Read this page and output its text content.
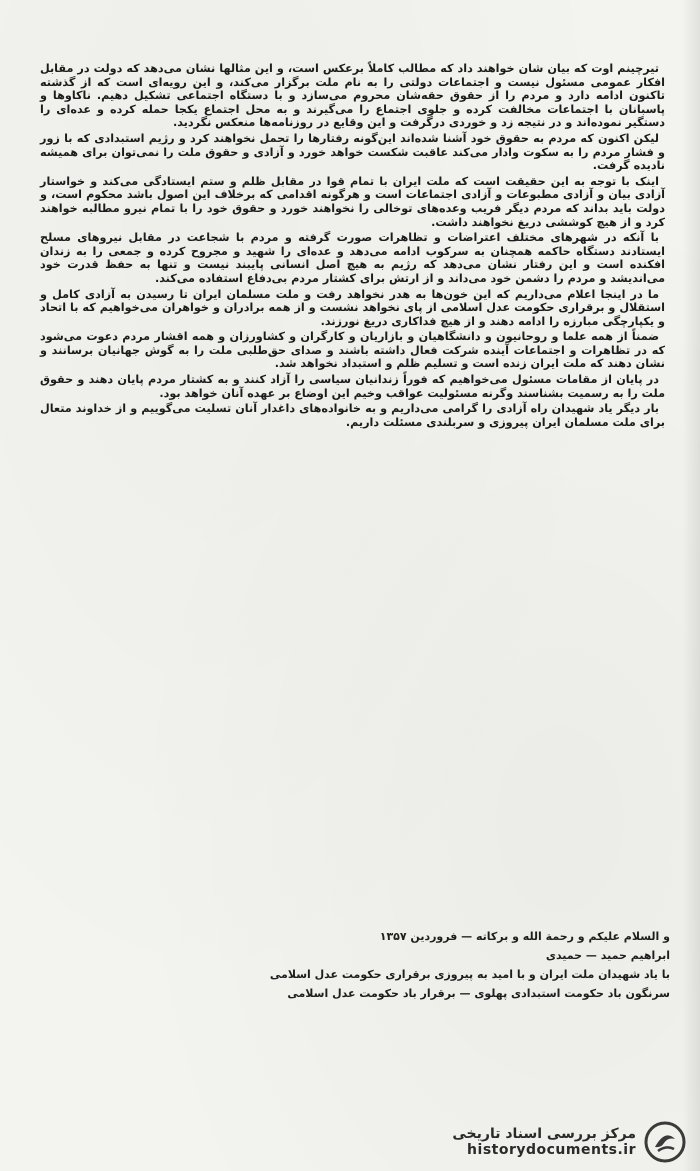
تیرچینم اوت که بیان شان خواهند داد که مطالب کاملاً برعکس است، و این مثالها نشان می‌دهد که دولت در مقابل افکار عمومی مسئول نیست و اجتماعات دولتی را به نام ملت برگزار می‌کند، و این رویه‌ای است که از گذشته تاکنون ادامه دارد و مردم را از حقوق حقه‌شان محروم می‌سازد و با دستگاه اجتماعی تشکیل دهیم. ناکاوها و پاسبانان با اجتماعات مخالفت کرده و جلوی اجتماع را می‌گیرند و به محل اجتماع یکجا حمله کرده و عده‌ای را دستگیر نموده‌اند و در نتیجه زد و خوردی درگرفت و این وقایع در روزنامه‌ها منعکس نگردید.

لیکن اکنون که مردم به حقوق خود آشنا شده‌اند این‌گونه رفتارها را تحمل نخواهند کرد و رژیم استبدادی که با زور و فشار مردم را به سکوت وادار می‌کند عاقبت شکست خواهد خورد و آزادی و حقوق ملت را نمی‌توان برای همیشه نادیده گرفت.

اینک با توجه به این حقیقت است که ملت ایران با تمام قوا در مقابل ظلم و ستم ایستادگی می‌کند و خواستار آزادی بیان و آزادی مطبوعات و آزادی اجتماعات است و هرگونه اقدامی که برخلاف این اصول باشد محکوم است، و دولت باید بداند که مردم دیگر فریب وعده‌های توخالی را نخواهند خورد و حقوق خود را با تمام نیرو مطالبه خواهند کرد و از هیچ کوششی دریغ نخواهند داشت.

با آنکه در شهرهای مختلف اعتراضات و تظاهرات صورت گرفته و مردم با شجاعت در مقابل نیروهای مسلح ایستادند دستگاه حاکمه همچنان به سرکوب ادامه می‌دهد و عده‌ای را شهید و مجروح کرده و جمعی را به زندان افکنده است و این رفتار نشان می‌دهد که رژیم به هیچ اصل انسانی پایبند نیست و تنها به حفظ قدرت خود می‌اندیشد و مردم را دشمن خود می‌داند و از ارتش برای کشتار مردم بی‌دفاع استفاده می‌کند.

ما در اینجا اعلام می‌داریم که این خون‌ها به هدر نخواهد رفت و ملت مسلمان ایران تا رسیدن به آزادی کامل و استقلال و برقراری حکومت عدل اسلامی از پای نخواهد نشست و از همه برادران و خواهران می‌خواهیم که با اتحاد و یکپارچگی مبارزه را ادامه دهند و از هیچ فداکاری دریغ نورزند.

ضمناً از همه علما و روحانیون و دانشگاهیان و بازاریان و کارگران و کشاورزان و همه اقشار مردم دعوت می‌شود که در تظاهرات و اجتماعات آینده شرکت فعال داشته باشند و صدای حق‌طلبی ملت را به گوش جهانیان برسانند و نشان دهند که ملت ایران زنده است و تسلیم ظلم و استبداد نخواهد شد.

در پایان از مقامات مسئول می‌خواهیم که فوراً زندانیان سیاسی را آزاد کنند و به کشتار مردم پایان دهند و حقوق ملت را به رسمیت بشناسند وگرنه مسئولیت عواقب وخیم این اوضاع بر عهده آنان خواهد بود.

بار دیگر یاد شهیدان راه آزادی را گرامی می‌داریم و به خانواده‌های داغدار آنان تسلیت می‌گوییم و از خداوند متعال برای ملت مسلمان ایران پیروزی و سربلندی مسئلت داریم.

و السلام علیکم و رحمة الله و برکاته — فروردین ۱۳۵۷
ابراهیم حمید — حمیدی
با یاد شهیدان ملت ایران و با امید به پیروزی برقراری حکومت عدل اسلامی
سرنگون باد حکومت استبدادی پهلوی — برقرار باد حکومت عدل اسلامی
مرکز بررسی اسناد تاریخی
historydocuments.ir
